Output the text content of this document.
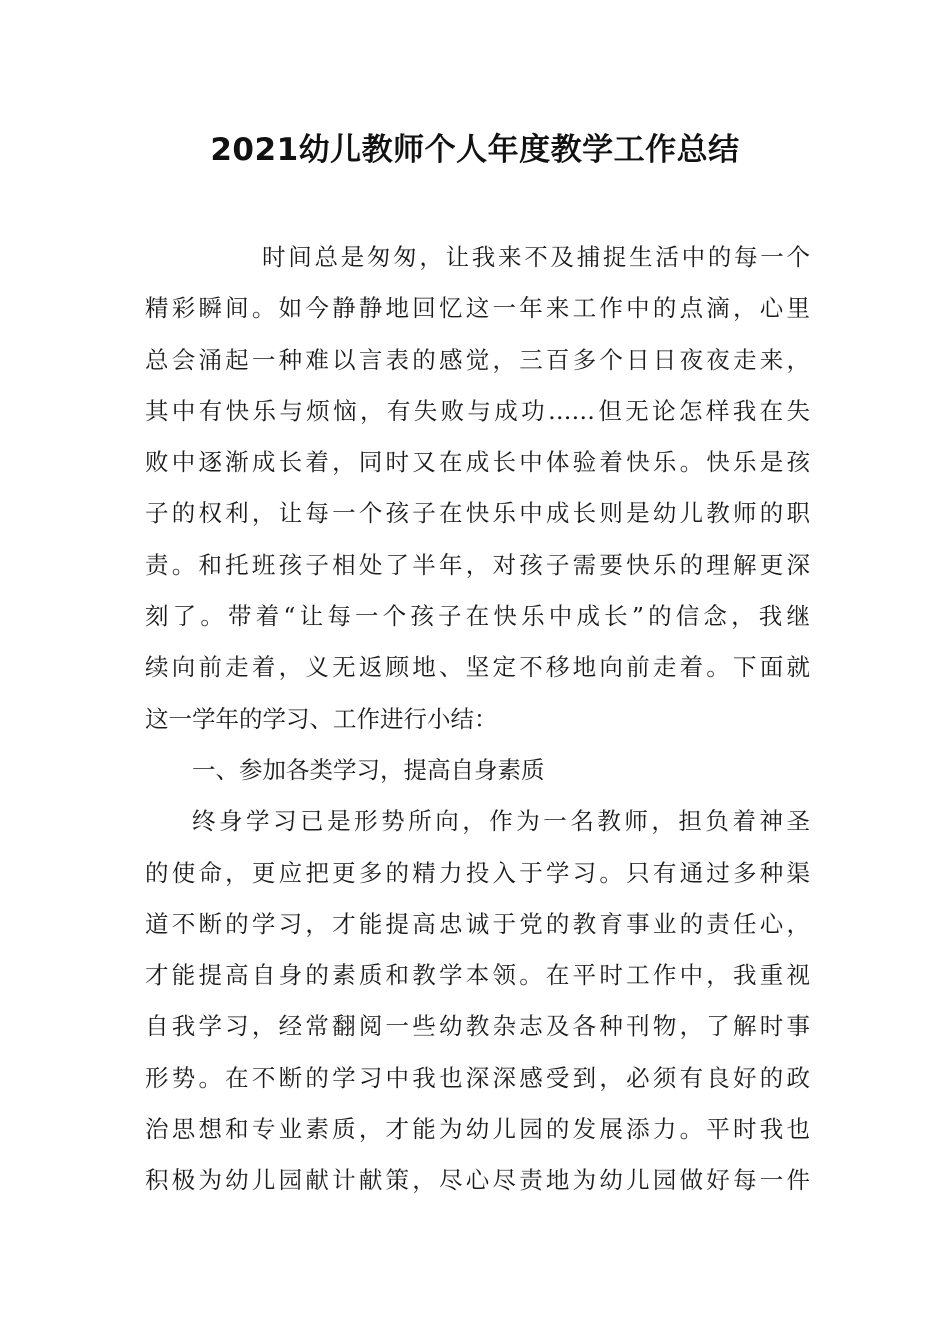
2021幼儿教师个人年度教学工作总结
时间总是匆匆，让我来不及捕捉生活中的每一个
精彩瞬间。如今静静地回忆这一年来工作中的点滴，心里
总会涌起一种难以言表的感觉，三百多个日日夜夜走来，
其中有快乐与烦恼，有失败与成功……但无论怎样我在失
败中逐渐成长着，同时又在成长中体验着快乐。快乐是孩
子的权利，让每一个孩子在快乐中成长则是幼儿教师的职
责。和托班孩子相处了半年，对孩子需要快乐的理解更深
刻了。带着“让每一个孩子在快乐中成长”的信念，我继
续向前走着，义无返顾地、坚定不移地向前走着。下面就
这一学年的学习、工作进行小结：
一、参加各类学习，提高自身素质
终身学习已是形势所向，作为一名教师，担负着神圣
的使命，更应把更多的精力投入于学习。只有通过多种渠
道不断的学习，才能提高忠诚于党的教育事业的责任心，
才能提高自身的素质和教学本领。在平时工作中，我重视
自我学习，经常翻阅一些幼教杂志及各种刊物，了解时事
形势。在不断的学习中我也深深感受到，必须有良好的政
治思想和专业素质，才能为幼儿园的发展添力。平时我也
积极为幼儿园献计献策，尽心尽责地为幼儿园做好每一件
